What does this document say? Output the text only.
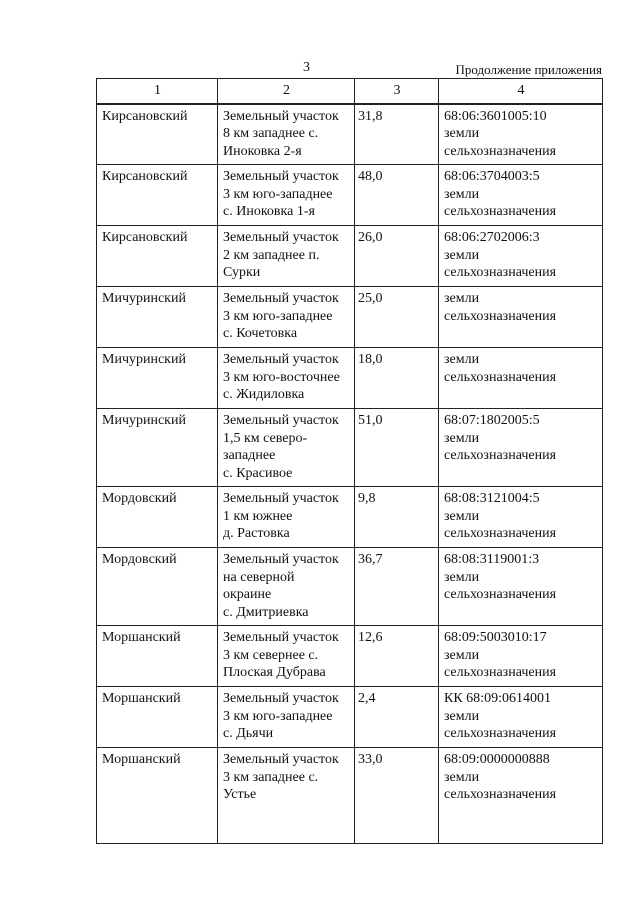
3	Продолжение приложения
1	2	3	4
Кирсановский	Земельный участок
8 км западнее с.
Иноковка 2-я	31,8	68:06:3601005:10
земли
сельхозназначения
Кирсановский	Земельный участок
3 км юго-западнее
с. Иноковка 1-я	48,0	68:06:3704003:5
земли
сельхозназначения
Кирсановский	Земельный участок
2 км западнее п.
Сурки	26,0	68:06:2702006:3
земли
сельхозназначения
Мичуринский	Земельный участок
3 км юго-западнее
с. Кочетовка	25,0	земли
сельхозназначения
Мичуринский	Земельный участок
3 км юго-восточнее
с. Жидиловка	18,0	земли
сельхозназначения
Мичуринский	Земельный участок
1,5 км северо-
западнее
с. Красивое	51,0	68:07:1802005:5
земли
сельхозназначения
Мордовский	Земельный участок
1 км южнее
д. Растовка	9,8	68:08:3121004:5
земли
сельхозназначения
Мордовский	Земельный участок
на северной
окраине
с. Дмитриевка	36,7	68:08:3119001:3
земли
сельхозназначения
Моршанский	Земельный участок
3 км севернее с.
Плоская Дубрава	12,6	68:09:5003010:17
земли
сельхозназначения
Моршанский	Земельный участок
3 км юго-западнее
с. Дьячи	2,4	КК 68:09:0614001
земли
сельхозназначения
Моршанский	Земельный участок
3 км западнее с.
Устье	33,0	68:09:0000000888
земли
сельхозназначения
